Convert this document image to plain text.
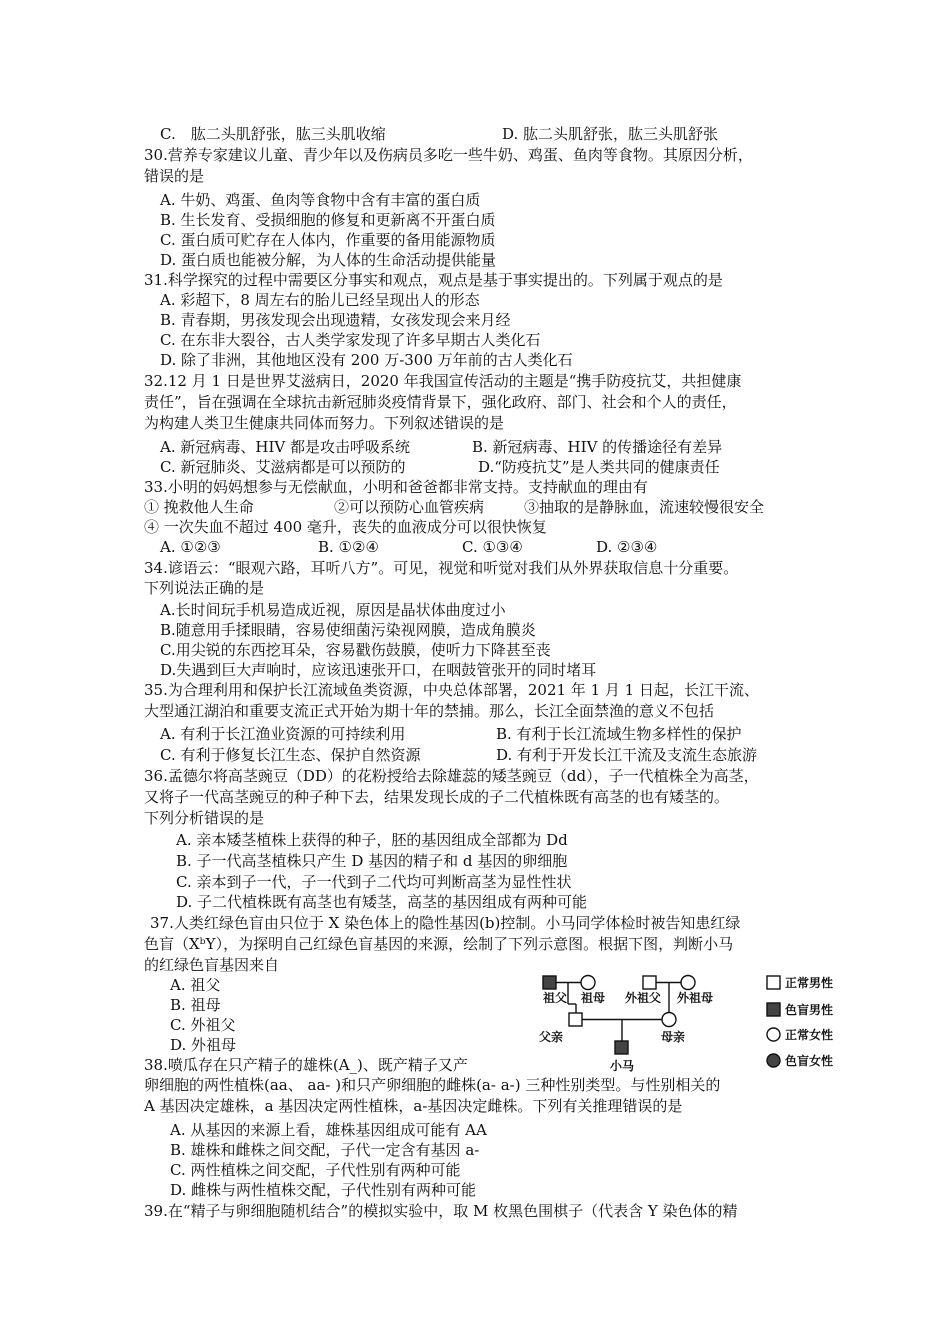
C.　肱二头肌舒张，肱三头肌收缩	D. 肱二头肌舒张，肱三头肌舒张
30.营养专家建议儿童、青少年以及伤病员多吃一些牛奶、鸡蛋、鱼肉等食物。其原因分析，
错误的是
A. 牛奶、鸡蛋、鱼肉等食物中含有丰富的蛋白质
B. 生长发育、受损细胞的修复和更新离不开蛋白质
C. 蛋白质可贮存在人体内，作重要的备用能源物质
D. 蛋白质也能被分解，为人体的生命活动提供能量
31.科学探究的过程中需要区分事实和观点，观点是基于事实提出的。下列属于观点的是
A. 彩超下，8 周左右的胎儿已经呈现出人的形态
B. 青春期，男孩发现会出现遗精，女孩发现会来月经
C. 在东非大裂谷，古人类学家发现了许多早期古人类化石
D. 除了非洲，其他地区没有 200 万-300 万年前的古人类化石
32.12 月 1 日是世界艾滋病日，2020 年我国宣传活动的主题是“携手防疫抗艾，共担健康
责任”，旨在强调在全球抗击新冠肺炎疫情背景下，强化政府、部门、社会和个人的责任，
为构建人类卫生健康共同体而努力。下列叙述错误的是
A. 新冠病毒、HIV 都是攻击呼吸系统	B. 新冠病毒、HIV 的传播途径有差异
C. 新冠肺炎、艾滋病都是可以预防的	D.“防疫抗艾”是人类共同的健康责任
33.小明的妈妈想参与无偿献血，小明和爸爸都非常支持。支持献血的理由有
① 挽救他人生命	②可以预防心血管疾病	③抽取的是静脉血，流速较慢很安全
④ 一次失血不超过 400 毫升，丧失的血液成分可以很快恢复
A. ①②③	B. ①②④	C. ①③④	D. ②③④
34.谚语云：“眼观六路，耳听八方”。可见，视觉和听觉对我们从外界获取信息十分重要。
下列说法正确的是
A.长时间玩手机易造成近视，原因是晶状体曲度过小
B.随意用手揉眼睛，容易使细菌污染视网膜，造成角膜炎
C.用尖锐的东西挖耳朵，容易戳伤鼓膜，使听力下降甚至丧
D.失遇到巨大声响时，应该迅速张开口，在咽鼓管张开的同时堵耳
35.为合理利用和保护长江流域鱼类资源，中央总体部署，2021 年 1 月 1 日起，长江干流、
大型通江湖泊和重要支流正式开始为期十年的禁捕。那么，长江全面禁渔的意义不包括
A. 有利于长江渔业资源的可持续利用	B. 有利于长江流域生物多样性的保护
C. 有利于修复长江生态、保护自然资源	D. 有利于开发长江干流及支流生态旅游
36.孟德尔将高茎豌豆（DD）的花粉授给去除雄蕊的矮茎豌豆（dd），子一代植株全为高茎，
又将子一代高茎豌豆的种子种下去，结果发现长成的子二代植株既有高茎的也有矮茎的。
下列分析错误的是
A. 亲本矮茎植株上获得的种子，胚的基因组成全部都为 Dd
B. 子一代高茎植株只产生 D 基因的精子和 d 基因的卵细胞
C. 亲本到子一代，子一代到子二代均可判断高茎为显性性状
D. 子二代植株既有高茎也有矮茎，高茎的基因组成有两种可能
37.人类红绿色盲由只位于 X 染色体上的隐性基因(b)控制。小马同学体检时被告知患红绿
色盲（XᵇY），为探明自己红绿色盲基因的来源，绘制了下列示意图。根据下图，判断小马
的红绿色盲基因来自
A. 祖父
B. 祖母
C. 外祖父
D. 外祖母
祖父 祖母 外祖父 外祖母
父亲	母亲
小马
正常男性
色盲男性
正常女性
色盲女性
38.喷瓜存在只产精子的雄株(A_)、既产精子又产
卵细胞的两性植株(aa、 aa- )和只产卵细胞的雌株(a- a-) 三种性别类型。与性别相关的
A 基因决定雄株，a 基因决定两性植株，a-基因决定雌株。下列有关推理错误的是
A. 从基因的来源上看，雄株基因组成可能有 AA
B. 雄株和雌株之间交配，子代一定含有基因 a-
C. 两性植株之间交配，子代性别有两种可能
D. 雌株与两性植株交配，子代性别有两种可能
39.在“精子与卵细胞随机结合”的模拟实验中，取 M 枚黑色围棋子（代表含 Y 染色体的精
